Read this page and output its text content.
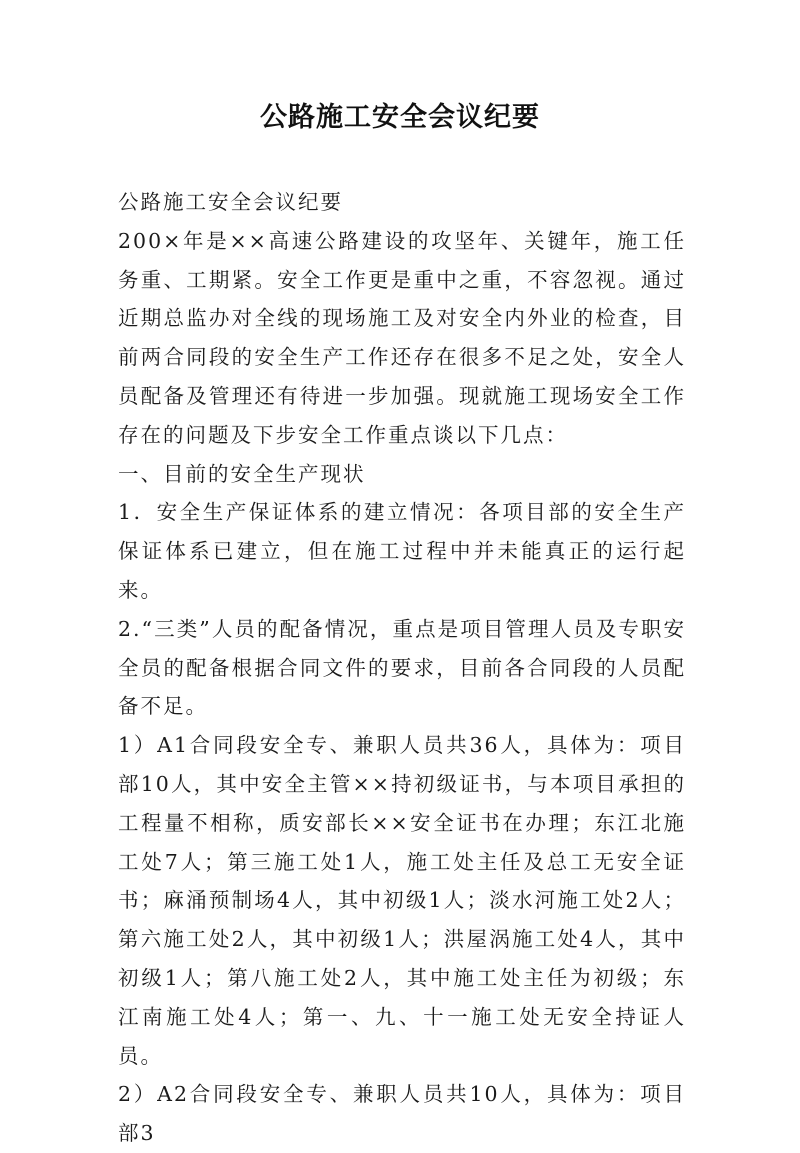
公路施工安全会议纪要

公路施工安全会议纪要

200×年是××高速公路建设的攻坚年、关键年，施工任务重、工期紧。安全工作更是重中之重，不容忽视。通过近期总监办对全线的现场施工及对安全内外业的检查，目前两合同段的安全生产工作还存在很多不足之处，安全人员配备及管理还有待进一步加强。现就施工现场安全工作存在的问题及下步安全工作重点谈以下几点：

一、目前的安全生产现状

1．安全生产保证体系的建立情况：各项目部的安全生产保证体系已建立，但在施工过程中并未能真正的运行起来。

2.“三类”人员的配备情况，重点是项目管理人员及专职安全员的配备根据合同文件的要求，目前各合同段的人员配备不足。

1）A1合同段安全专、兼职人员共36人，具体为：项目部10人，其中安全主管××持初级证书，与本项目承担的工程量不相称，质安部长××安全证书在办理；东江北施工处7人；第三施工处1人，施工处主任及总工无安全证书；麻涌预制场4人，其中初级1人；淡水河施工处2人；第六施工处2人，其中初级1人；洪屋涡施工处4人，其中初级1人；第八施工处2人，其中施工处主任为初级；东江南施工处4人；第一、九、十一施工处无安全持证人员。

2）A2合同段安全专、兼职人员共10人，具体为：项目部3
